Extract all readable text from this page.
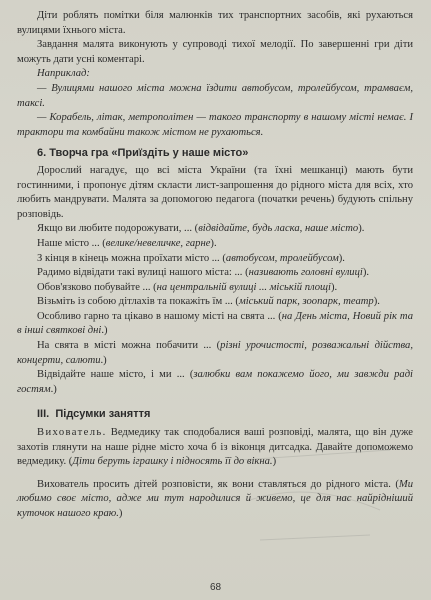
Діти роблять помітки біля малюнків тих транспортних засобів, які рухаються вулицями їхнього міста.

Завдання малята виконують у супроводі тихої мелодії. По завершенні гри діти можуть дати усні коментарі.

Наприклад:

— Вулицями нашого міста можна їздити автобусом, тролейбусом, трамваєм, таксі.

— Корабель, літак, метрополітен — такого транспорту в нашому місті немає. І трактори та комбайни також містом не рухаються.

6. Творча гра «Приїздіть у наше місто»

Дорослий нагадує, що всі міста України (та їхні мешканці) мають бути гостинними, і пропонує дітям скласти лист-запрошення до рідного міста для всіх, хто любить мандрувати. Малята за допомогою педагога (початки речень) будують спільну розповідь.

Якщо ви любите подорожувати, ... (відвідайте, будь ласка, наше місто).

Наше місто ... (велике/невеличке, гарне).

З кінця в кінець можна проїхати місто ... (автобусом, тролейбусом).

Радимо відвідати такі вулиці нашого міста: ... (називають головні вулиці).

Обов'язково побувайте ... (на центральній вулиці ... міській площі).

Візьміть із собою дітлахів та покажіть їм ... (міський парк, зоопарк, театр).

Особливо гарно та цікаво в нашому місті на свята ... (на День міста, Новий рік та в інші святкові дні.)

На святa в місті можна побачити ... (різні урочистості, розважальні дійства, концерти, салюти.)

Відвідайте наше місто, і ми ... (залюбки вам покажемо його, ми завжди раді гостям.)

III. Підсумки заняття

Вихователь. Ведмедику так сподобалися ваші розповіді, малята, що він дуже захотів глянути на наше рідне місто хоча б із віконця дитсадка. Давайте допоможемо ведмедику. (Діти беруть іграшку і підносять її до вікна.)

Вихователь просить дітей розповісти, як вони ставляться до рідного міста. (Ми любимо своє місто, адже ми тут народилися й живемо, це для нас найрідніший куточок нашого краю.)

68
